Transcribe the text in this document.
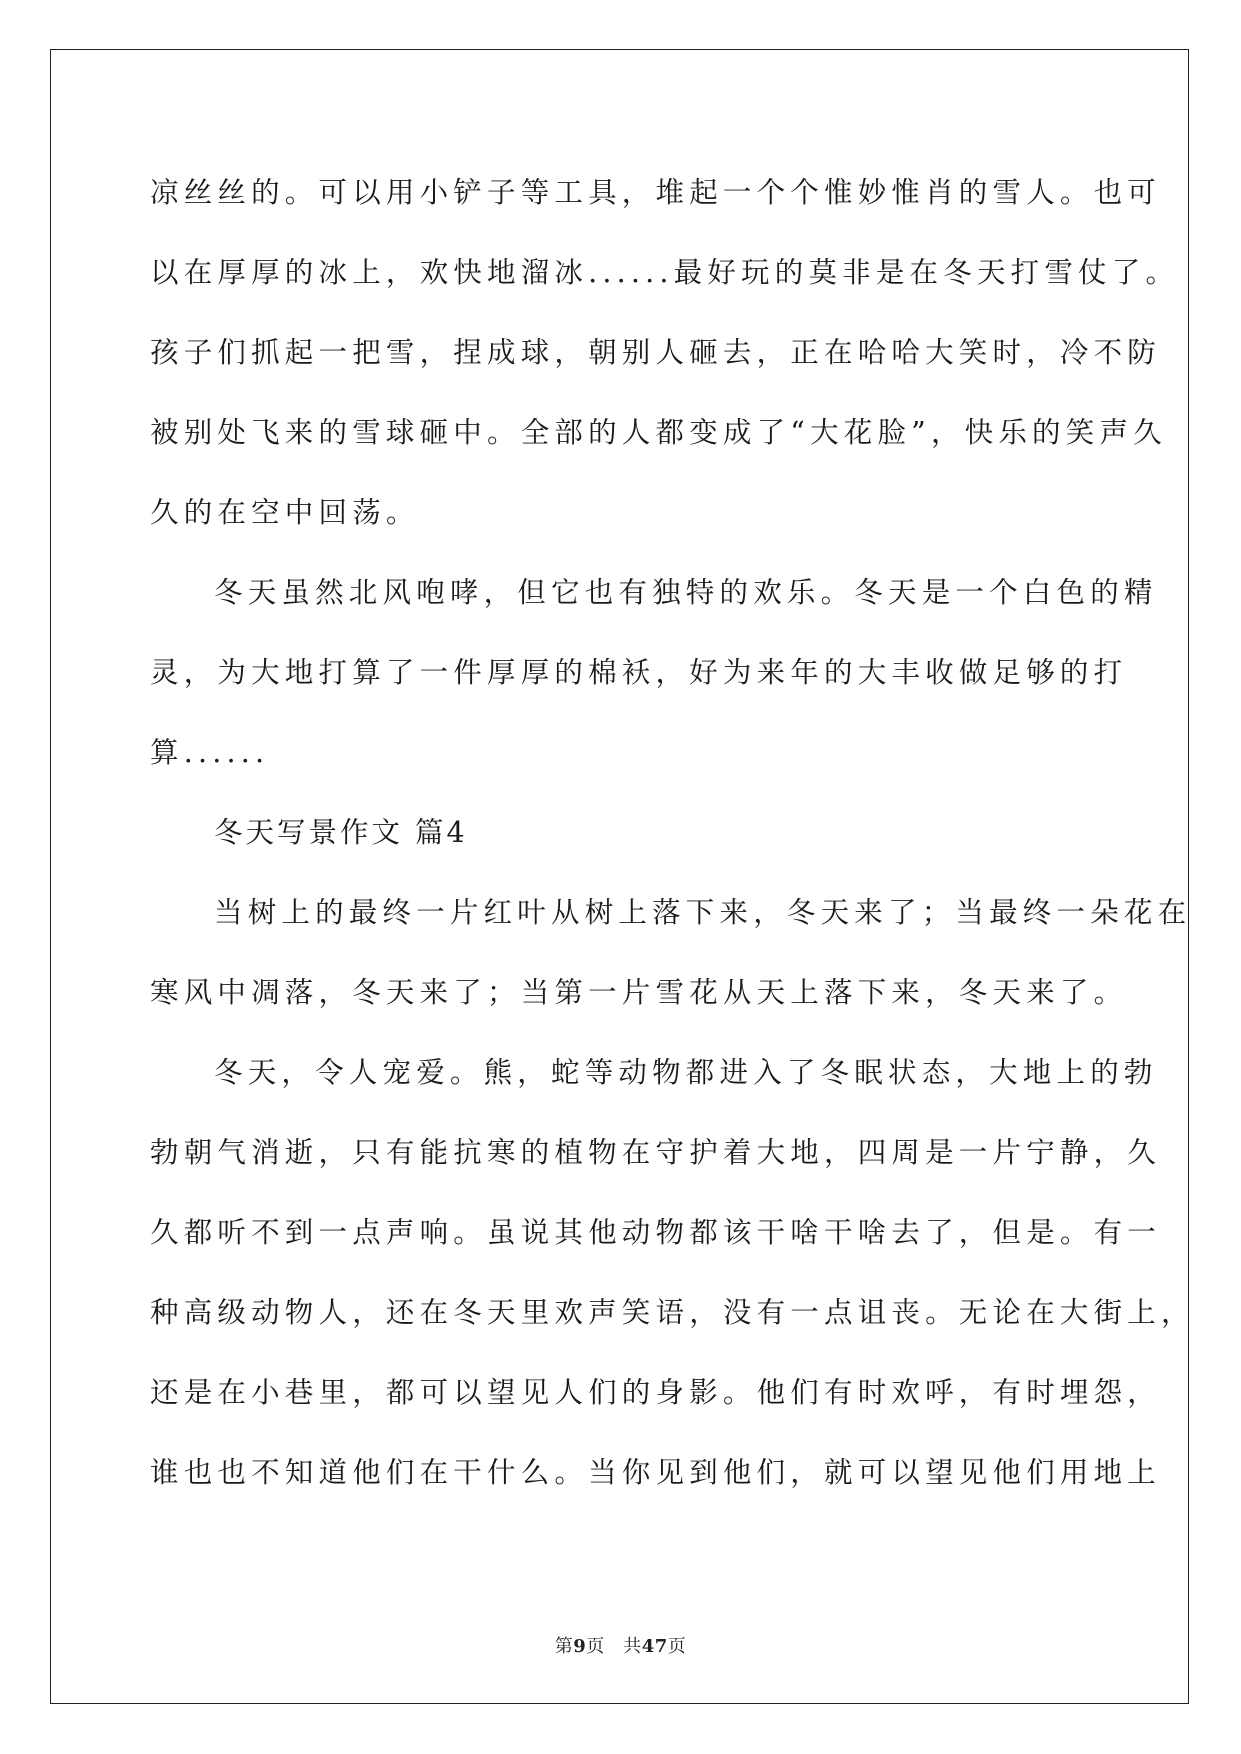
凉丝丝的。可以用小铲子等工具，堆起一个个惟妙惟肖的雪人。也可
以在厚厚的冰上，欢快地溜冰......最好玩的莫非是在冬天打雪仗了。
孩子们抓起一把雪，捏成球，朝别人砸去，正在哈哈大笑时，冷不防
被别处飞来的雪球砸中。全部的人都变成了“大花脸”，快乐的笑声久
久的在空中回荡。
冬天虽然北风咆哮，但它也有独特的欢乐。冬天是一个白色的精
灵，为大地打算了一件厚厚的棉袄，好为来年的大丰收做足够的打
算......
冬天写景作文 篇4
当树上的最终一片红叶从树上落下来，冬天来了；当最终一朵花在
寒风中凋落，冬天来了；当第一片雪花从天上落下来，冬天来了。
冬天，令人宠爱。熊，蛇等动物都进入了冬眠状态，大地上的勃
勃朝气消逝，只有能抗寒的植物在守护着大地，四周是一片宁静，久
久都听不到一点声响。虽说其他动物都该干啥干啥去了，但是。有一
种高级动物人，还在冬天里欢声笑语，没有一点诅丧。无论在大街上，
还是在小巷里，都可以望见人们的身影。他们有时欢呼，有时埋怨，
谁也也不知道他们在干什么。当你见到他们，就可以望见他们用地上
第9页　共47页
